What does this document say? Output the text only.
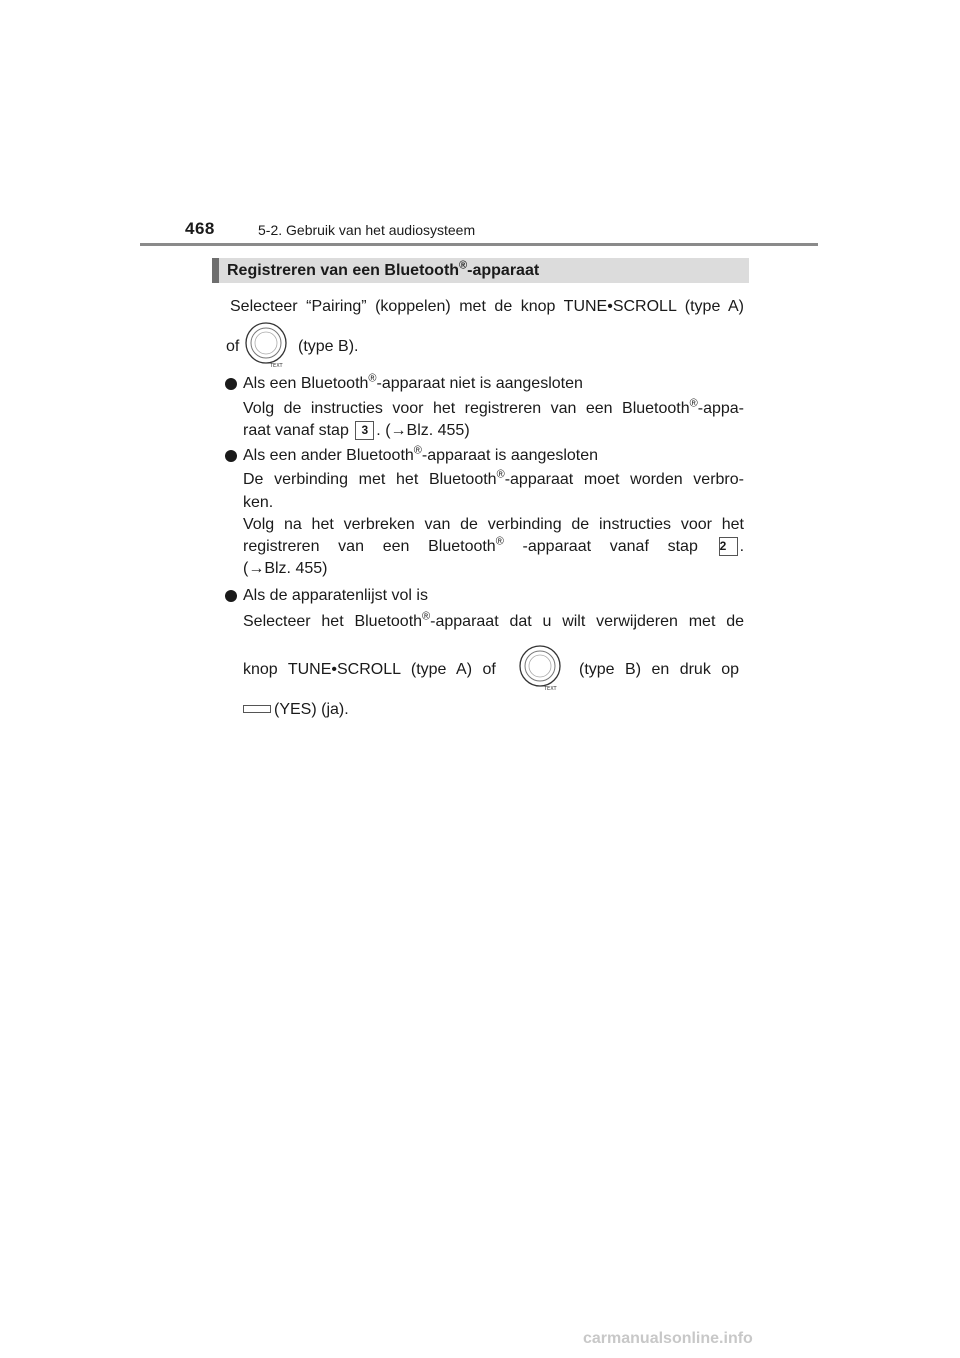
468	5-2. Gebruik van het audiosysteem
Registreren van een Bluetooth®-apparaat
Selecteer “Pairing” (koppelen) met de knop TUNE•SCROLL (type A)
of
TEXT
(type B).
Als een Bluetooth®-apparaat niet is aangesloten
Volg de instructies voor het registreren van een Bluetooth®-appa-
raat vanaf stap 3 . (→Blz. 455)
Als een ander Bluetooth®-apparaat is aangesloten
De verbinding met het Bluetooth®-apparaat moet worden verbro-
ken.
Volg na het verbreken van de verbinding de instructies voor het
registreren van een Bluetooth® -apparaat vanaf stap 2 .
(→Blz. 455)
Als de apparatenlijst vol is
Selecteer het Bluetooth®-apparaat dat u wilt verwijderen met de
knop TUNE•SCROLL (type A) of
TEXT
(type B) en druk op
(YES) (ja).
carmanualsonline.info
